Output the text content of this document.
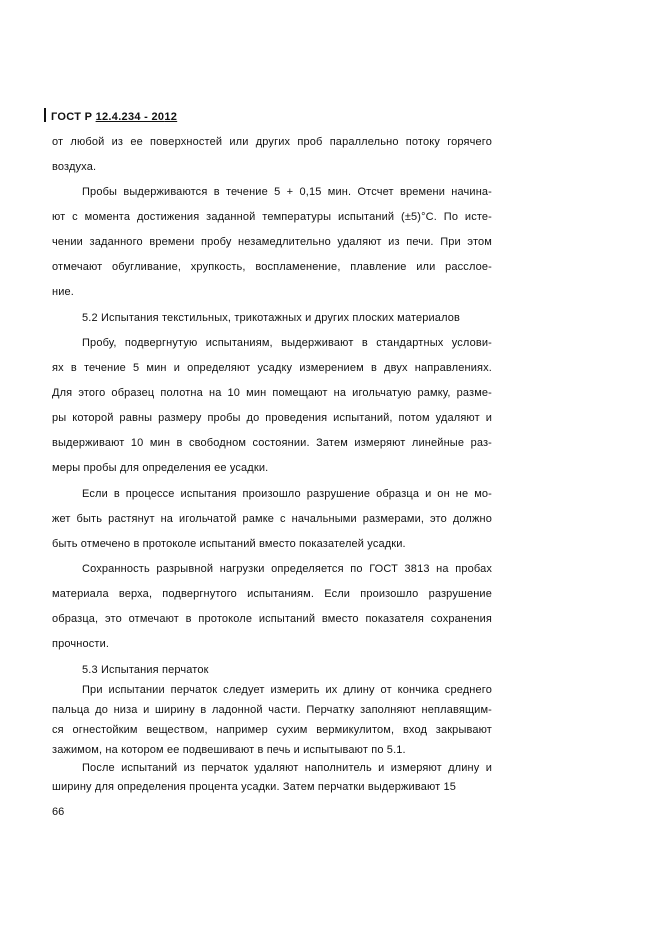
ГОСТ Р 12.4.234 - 2012
от любой из ее поверхностей или других проб параллельно потоку горячего
воздуха.
Пробы выдерживаются в течение 5 + 0,15 мин. Отсчет времени начина-
ют с момента достижения заданной температуры испытаний (±5)°С. По исте-
чении заданного времени пробу незамедлительно удаляют из печи. При этом
отмечают обугливание, хрупкость, воспламенение, плавление или расслое-
ние.
5.2 Испытания текстильных, трикотажных и других плоских материалов
Пробу, подвергнутую испытаниям, выдерживают в стандартных услови-
ях в течение 5 мин и определяют усадку измерением в двух направлениях.
Для этого образец полотна на 10 мин помещают на игольчатую рамку, разме-
ры которой равны размеру пробы до проведения испытаний, потом удаляют и
выдерживают 10 мин в свободном состоянии. Затем измеряют линейные раз-
меры пробы для определения ее усадки.
Если в процессе испытания произошло разрушение образца и он не мо-
жет быть растянут на игольчатой рамке с начальными размерами, это должно
быть отмечено в протоколе испытаний вместо показателей усадки.
Сохранность разрывной нагрузки определяется по ГОСТ 3813 на пробах
материала верха, подвергнутого испытаниям. Если произошло разрушение
образца, это отмечают в протоколе испытаний вместо показателя сохранения
прочности.
5.3 Испытания перчаток
При испытании перчаток следует измерить их длину от кончика среднего
пальца до низа и ширину в ладонной части. Перчатку заполняют неплавящим-
ся огнестойким веществом, например сухим вермикулитом, вход закрывают
зажимом, на котором ее подвешивают в печь и испытывают по 5.1.
После испытаний из перчаток удаляют наполнитель и измеряют длину и
ширину для определения процента усадки. Затем перчатки выдерживают 15
66
